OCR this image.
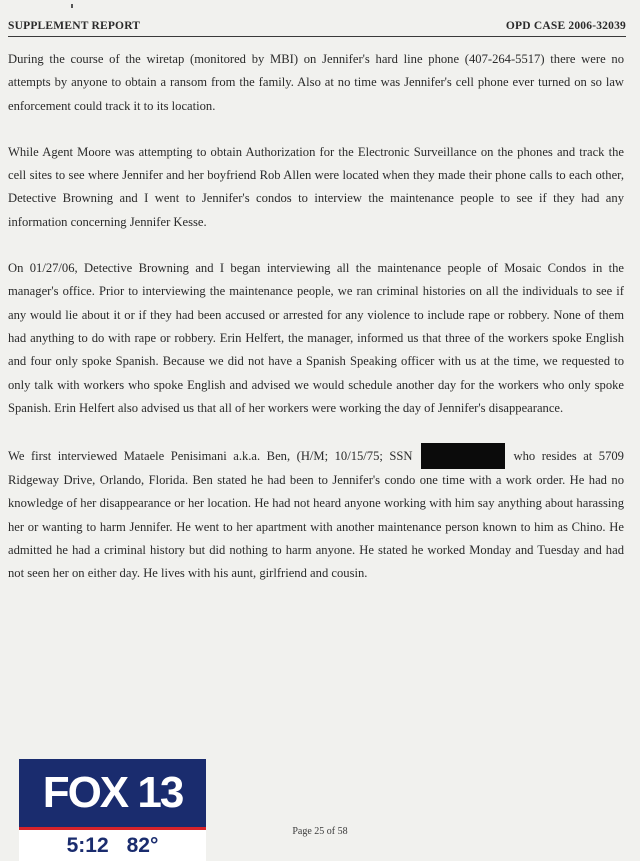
SUPPLEMENT REPORT	OPD CASE 2006-32039

During the course of the wiretap (monitored by MBI) on Jennifer's hard line phone (407-264-5517) there were no attempts by anyone to obtain a ransom from the family. Also at no time was Jennifer's cell phone ever turned on so law enforcement could track it to its location.

While Agent Moore was attempting to obtain Authorization for the Electronic Surveillance on the phones and track the cell sites to see where Jennifer and her boyfriend Rob Allen were located when they made their phone calls to each other, Detective Browning and I went to Jennifer's condos to interview the maintenance people to see if they had any information concerning Jennifer Kesse.

On 01/27/06, Detective Browning and I began interviewing all the maintenance people of Mosaic Condos in the manager's office. Prior to interviewing the maintenance people, we ran criminal histories on all the individuals to see if any would lie about it or if they had been accused or arrested for any violence to include rape or robbery. None of them had anything to do with rape or robbery. Erin Helfert, the manager, informed us that three of the workers spoke English and four only spoke Spanish. Because we did not have a Spanish Speaking officer with us at the time, we requested to only talk with workers who spoke English and advised we would schedule another day for the workers who only spoke Spanish. Erin Helfert also advised us that all of her workers were working the day of Jennifer's disappearance.

We first interviewed Mataele Penisimani a.k.a. Ben, (H/M; 10/15/75; SSN	who resides at 5709 Ridgeway Drive, Orlando, Florida. Ben stated he had been to Jennifer's condo one time with a work order. He had no knowledge of her disappearance or her location. He had not heard anyone working with him say anything about harassing her or wanting to harm Jennifer. He went to her apartment with another maintenance person known to him as Chino. He admitted he had a criminal history but did nothing to harm anyone. He stated he worked Monday and Tuesday and had not seen her on either day. He lives with his aunt, girlfriend and cousin.

Page 25 of 58
FOX 13
5:12 82°
